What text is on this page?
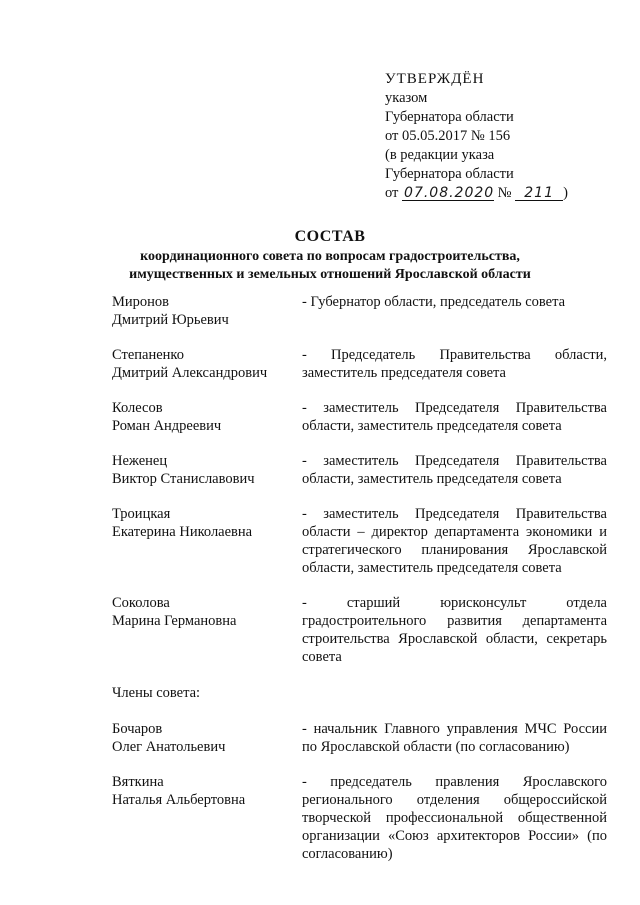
УТВЕРЖДЁН
указом
Губернатора области
от 05.05.2017 № 156
(в редакции указа
Губернатора области
от 07.08.2020 № 211 )
СОСТАВ
координационного совета по вопросам градостроительства,
имущественных и земельных отношений Ярославской области
Миронов
Дмитрий Юрьевич
- Губернатор области, председатель совета
Степаненко
Дмитрий Александрович
- Председатель Правительства области, заместитель председателя совета
Колесов
Роман Андреевич
- заместитель Председателя Правительства области, заместитель председателя совета
Неженец
Виктор Станиславович
- заместитель Председателя Правительства области, заместитель председателя совета
Троицкая
Екатерина Николаевна
- заместитель Председателя Правительства области – директор департамента экономики и стратегического планирования Ярославской области, заместитель председателя совета
Соколова
Марина Германовна
- старший юрисконсульт отдела градостроительного развития департамента строительства Ярославской области, секретарь совета
Члены совета:
Бочаров
Олег Анатольевич
- начальник Главного управления МЧС России по Ярославской области (по согласованию)
Вяткина
Наталья Альбертовна
- председатель правления Ярославского регионального отделения общероссийской творческой профессиональной общественной организации «Союз архитекторов России» (по согласованию)
